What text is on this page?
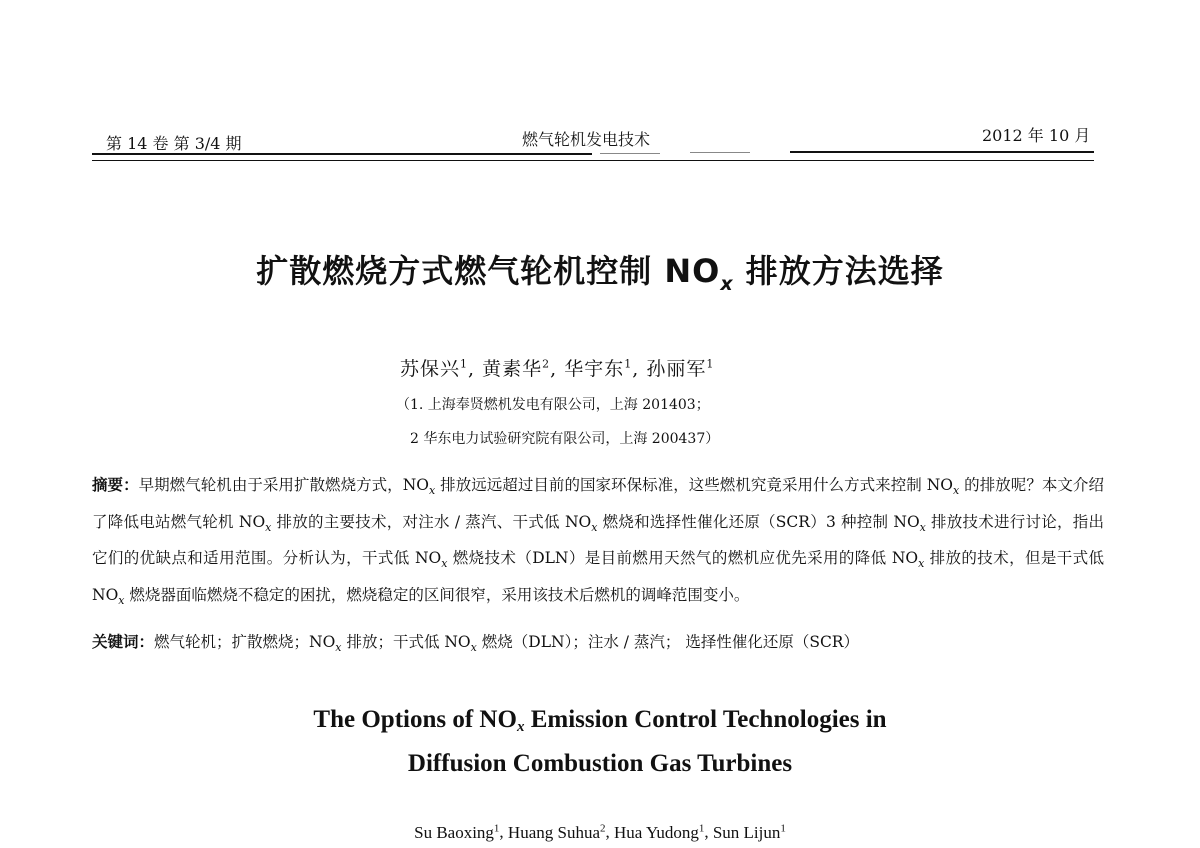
第 14 卷 第 3/4 期	燃气轮机发电技术	2012 年 10 月
扩散燃烧方式燃气轮机控制 $NO_x$ 排放方法选择
苏保兴$^1$, 黄素华$^2$, 华宇东$^1$, 孙丽军$^1$
（1. 上海奉贤燃机发电有限公司，上海 201403；
2 华东电力试验研究院有限公司，上海 200437）
摘要：早期燃气轮机由于采用扩散燃烧方式，$NO_x$ 排放远远超过目前的国家环保标准，这些燃机究竟采用什么方式来控制 $NO_x$ 的排放呢？本文介绍了降低电站燃气轮机 $NO_x$ 排放的主要技术，对注水 / 蒸汽、干式低 $NO_x$ 燃烧和选择性催化还原（SCR）3 种控制 $NO_x$ 排放技术进行讨论，指出它们的优缺点和适用范围。分析认为，干式低 $NO_x$ 燃烧技术（DLN）是目前燃用天然气的燃机应优先采用的降低 $NO_x$ 排放的技术，但是干式低 $NO_x$ 燃烧器面临燃烧不稳定的困扰，燃烧稳定的区间很窄，采用该技术后燃机的调峰范围变小。
关键词：燃气轮机；扩散燃烧；$NO_x$ 排放；干式低 $NO_x$ 燃烧（DLN）；注水 / 蒸汽； 选择性催化还原（SCR）
The Options of NOx Emission Control Technologies in
Diffusion Combustion Gas Turbines
Su Baoxing$^1$, Huang Suhua$^2$, Hua Yudong$^1$, Sun Lijun$^1$
